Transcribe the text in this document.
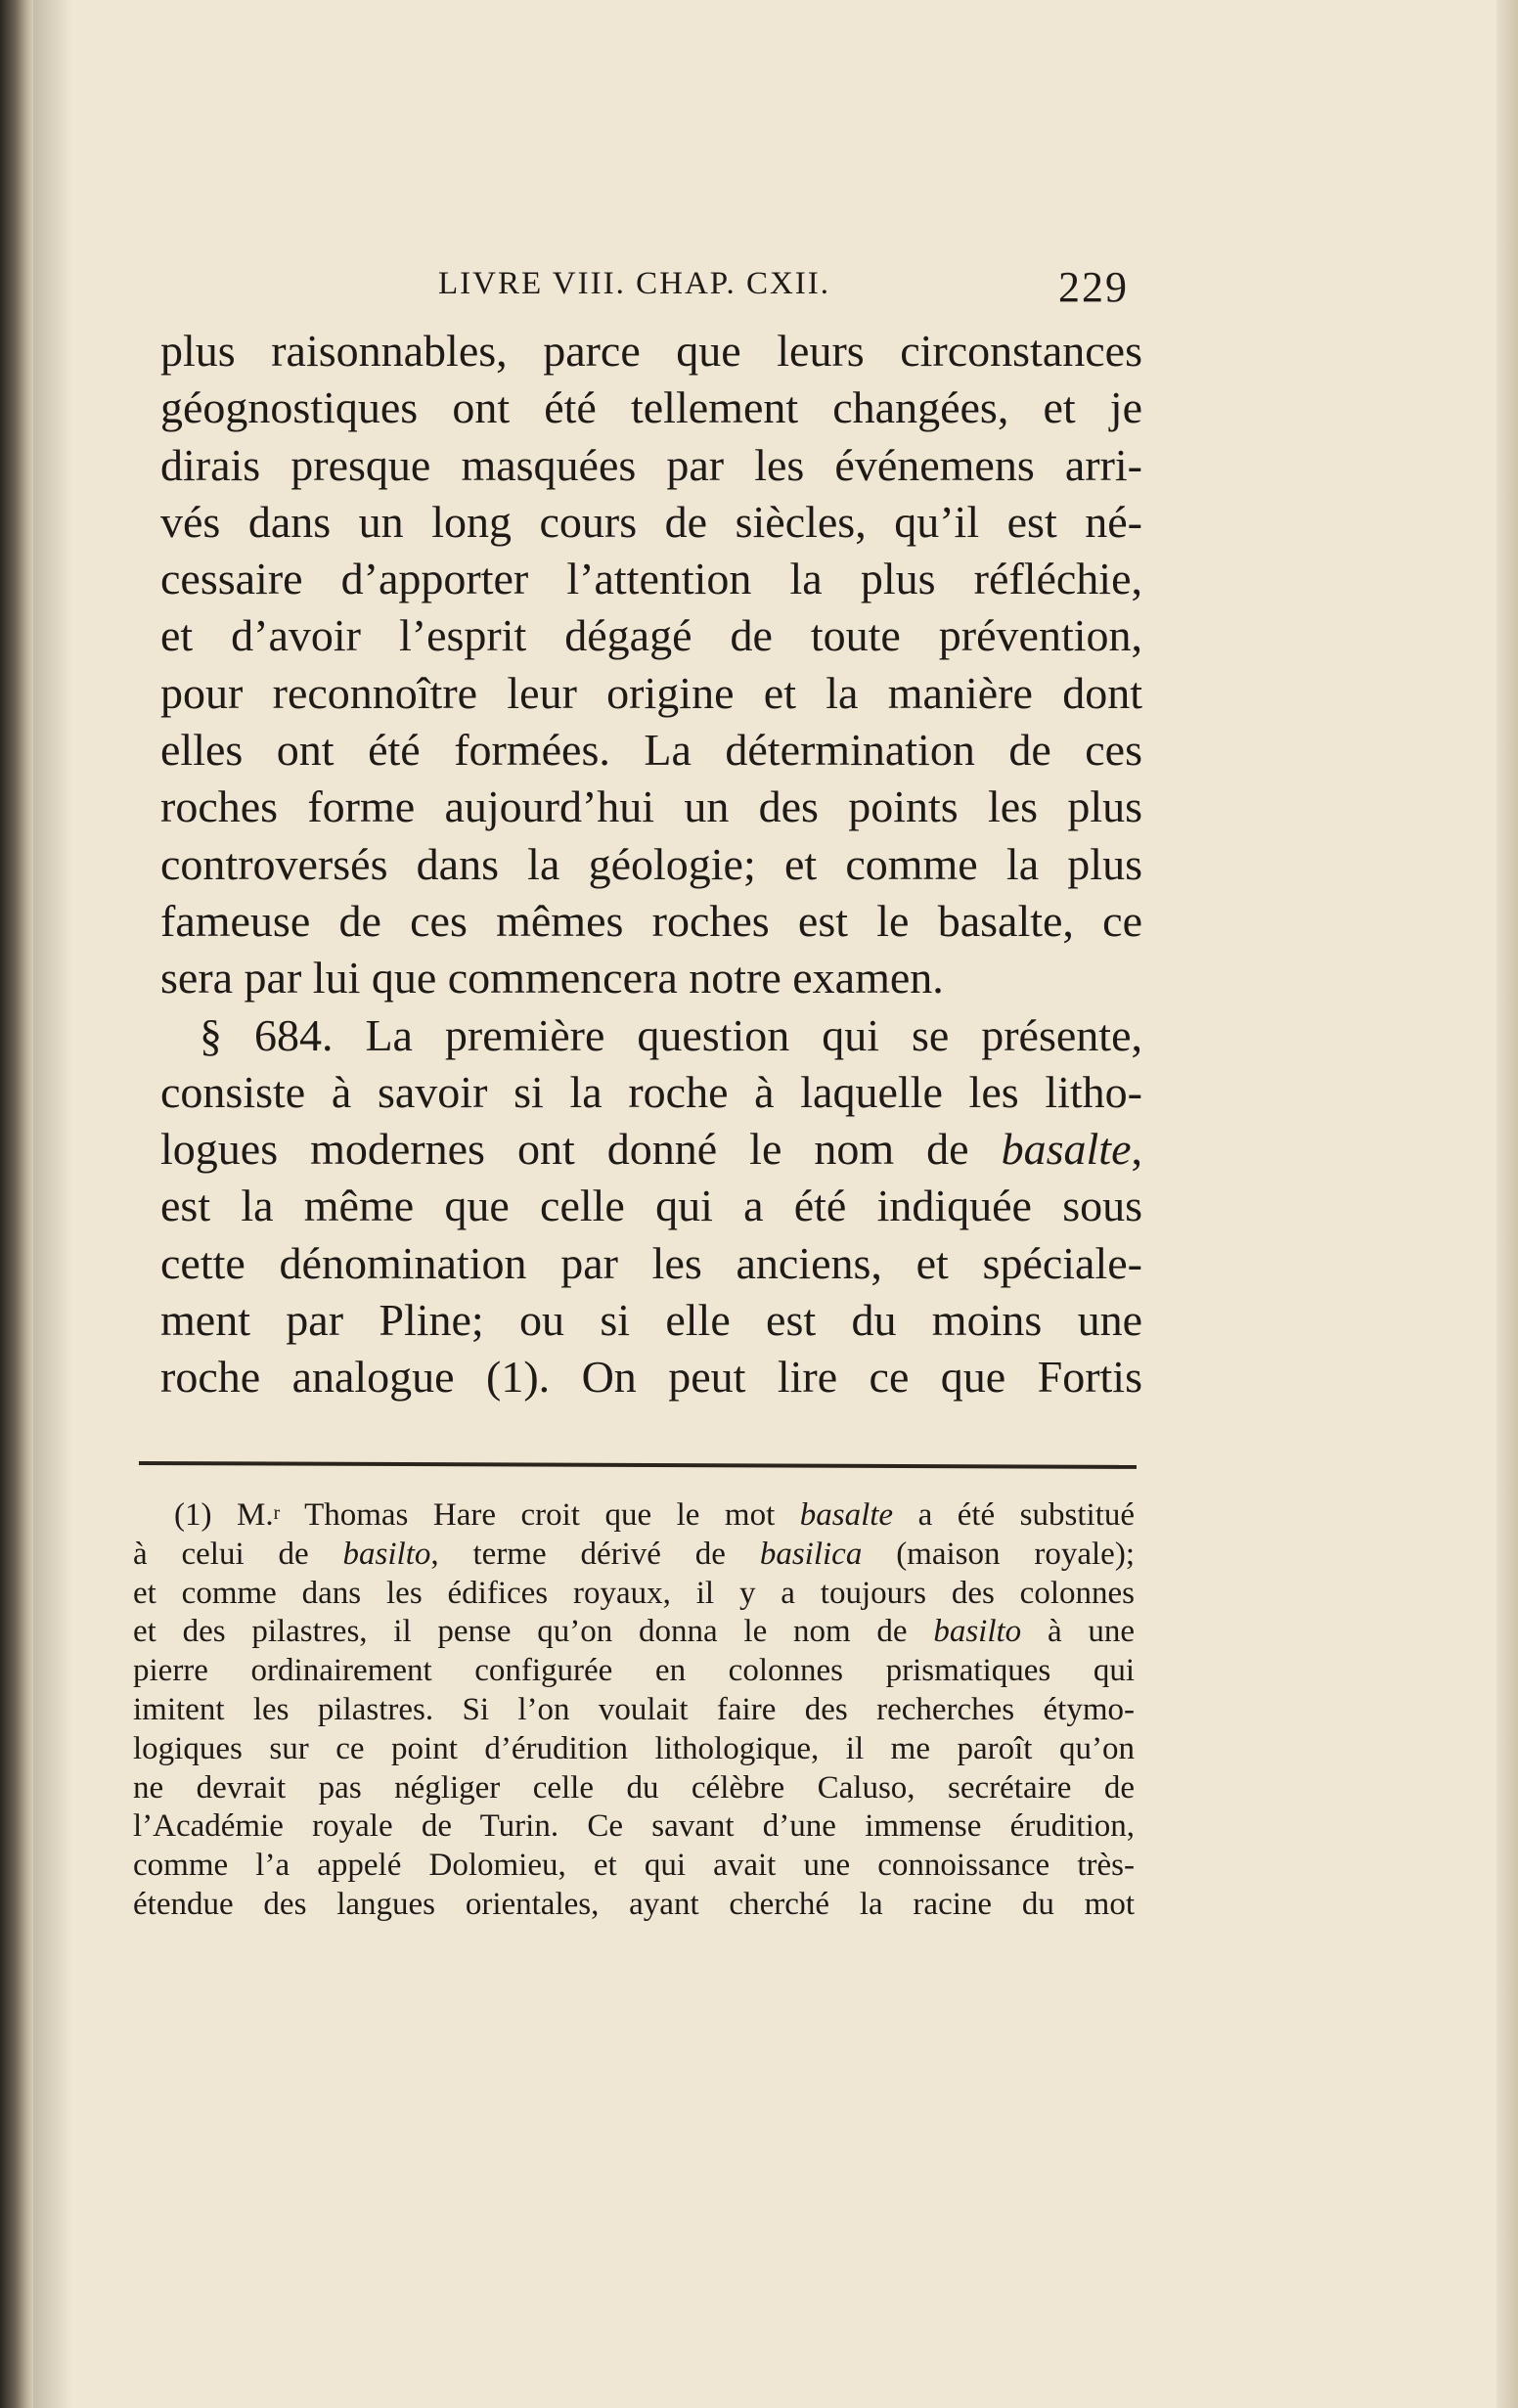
LIVRE VIII. CHAP. CXII.	229
plus raisonnables, parce que leurs circonstances
géognostiques ont été tellement changées, et je
dirais presque masquées par les événemens arri-
vés dans un long cours de siècles, qu’il est né-
cessaire d’apporter l’attention la plus réfléchie,
et d’avoir l’esprit dégagé de toute prévention,
pour reconnoître leur origine et la manière dont
elles ont été formées. La détermination de ces
roches forme aujourd’hui un des points les plus
controversés dans la géologie; et comme la plus
fameuse de ces mêmes roches est le basalte, ce
sera par lui que commencera notre examen.
§ 684. La première question qui se présente,
consiste à savoir si la roche à laquelle les litho-
logues modernes ont donné le nom de basalte,
est la même que celle qui a été indiquée sous
cette dénomination par les anciens, et spéciale-
ment par Pline; ou si elle est du moins une
roche analogue (1). On peut lire ce que Fortis
(1) M.$^r$ Thomas Hare croit que le mot basalte a été substitué
à celui de basilto, terme dérivé de basilica (maison royale);
et comme dans les édifices royaux, il y a toujours des colonnes
et des pilastres, il pense qu’on donna le nom de basilto à une
pierre ordinairement configurée en colonnes prismatiques qui
imitent les pilastres. Si l’on voulait faire des recherches étymo-
logiques sur ce point d’érudition lithologique, il me paroît qu’on
ne devrait pas négliger celle du célèbre Caluso, secrétaire de
l’Académie royale de Turin. Ce savant d’une immense érudition,
comme l’a appelé Dolomieu, et qui avait une connoissance très-
étendue des langues orientales, ayant cherché la racine du mot
